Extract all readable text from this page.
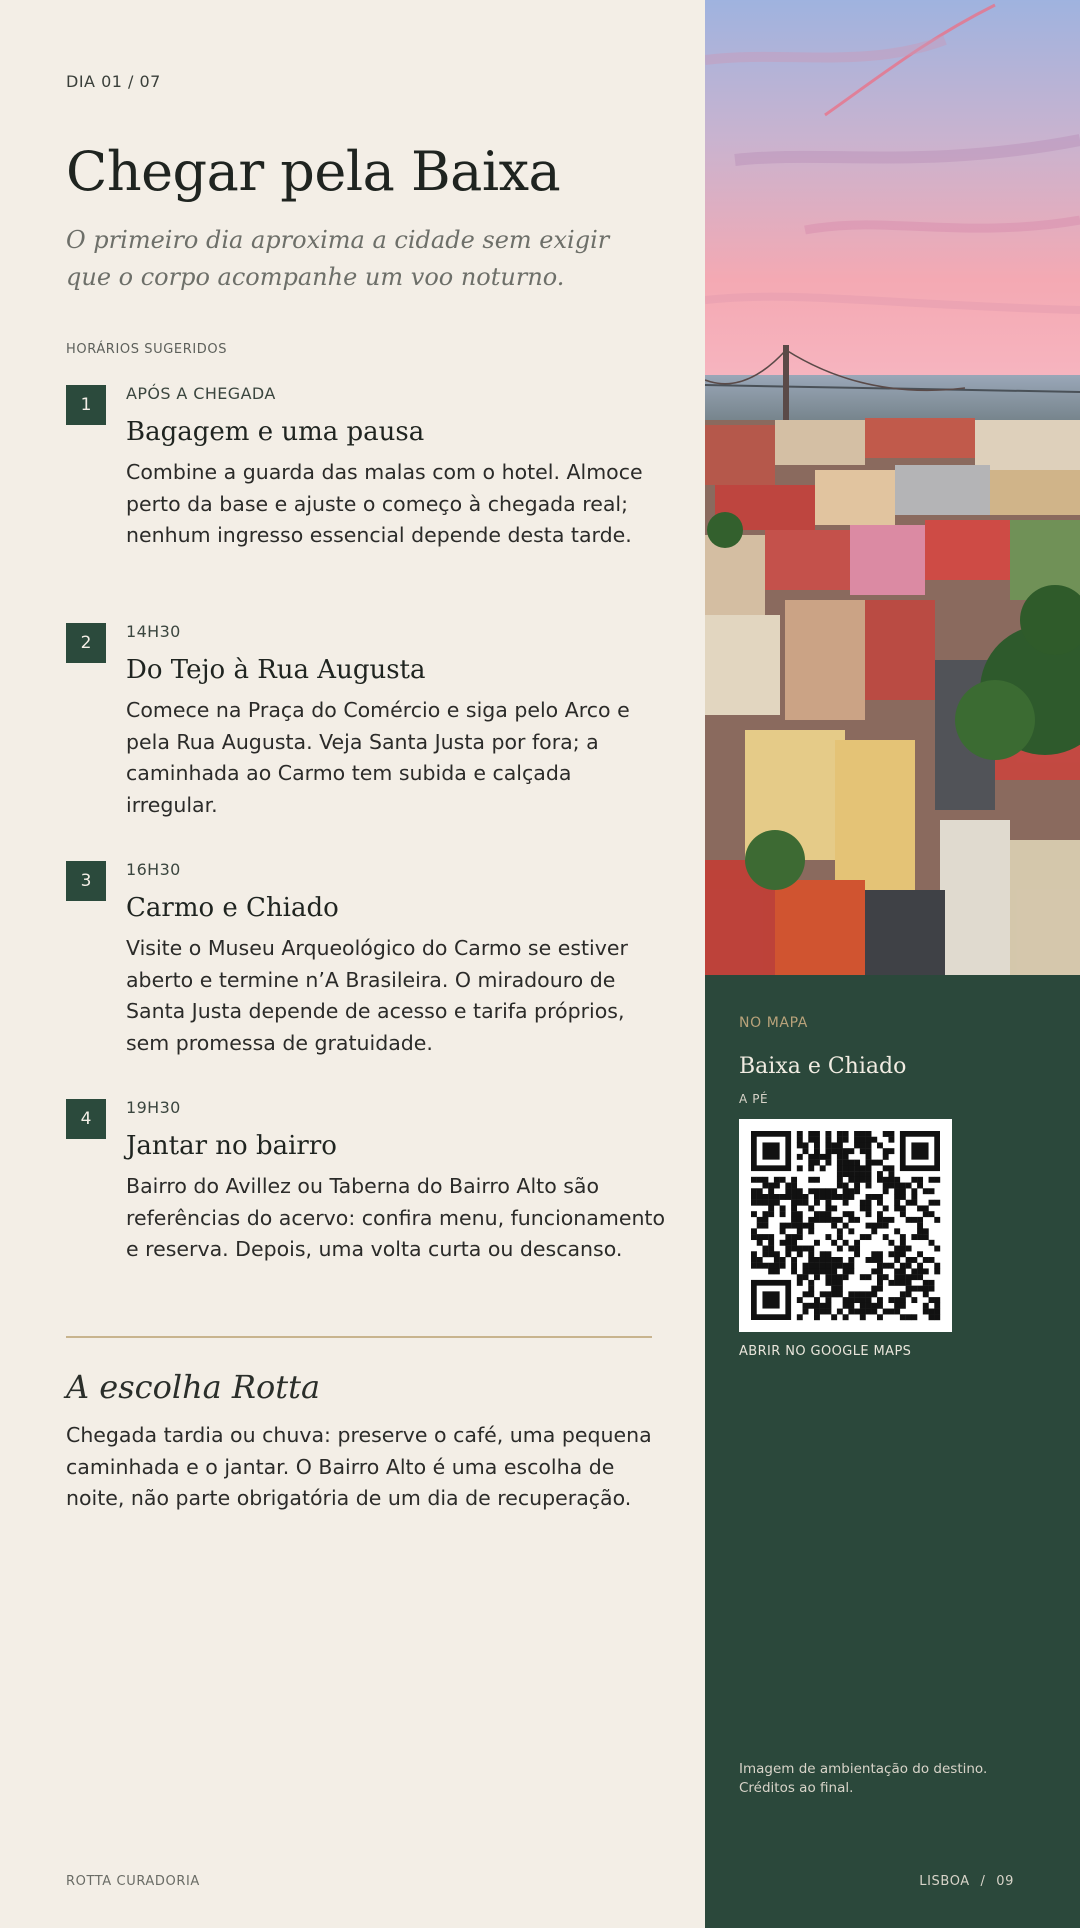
DIA 01 / 07
Chegar pela Baixa
O primeiro dia aproxima a cidade sem exigir que o corpo acompanhe um voo noturno.
HORÁRIOS SUGERIDOS
1
APÓS A CHEGADA
Bagagem e uma pausa
Combine a guarda das malas com o hotel. Almoce perto da base e ajuste o começo à chegada real; nenhum ingresso essencial depende desta tarde.
2
14H30
Do Tejo à Rua Augusta
Comece na Praça do Comércio e siga pelo Arco e pela Rua Augusta. Veja Santa Justa por fora; a caminhada ao Carmo tem subida e calçada irregular.
3
16H30
Carmo e Chiado
Visite o Museu Arqueológico do Carmo se estiver aberto e termine n’A Brasileira. O miradouro de Santa Justa depende de acesso e tarifa próprios, sem promessa de gratuidade.
4
19H30
Jantar no bairro
Bairro do Avillez ou Taberna do Bairro Alto são referências do acervo: confira menu, funcionamento e reserva. Depois, uma volta curta ou descanso.
A escolha Rotta
Chegada tardia ou chuva: preserve o café, uma pequena caminhada e o jantar. O Bairro Alto é uma escolha de noite, não parte obrigatória de um dia de recuperação.
ROTTA CURADORIA
NO MAPA
Baixa e Chiado
A PÉ
ABRIR NO GOOGLE MAPS
Imagem de ambientação do destino. Créditos ao final.
LISBOA / 09
